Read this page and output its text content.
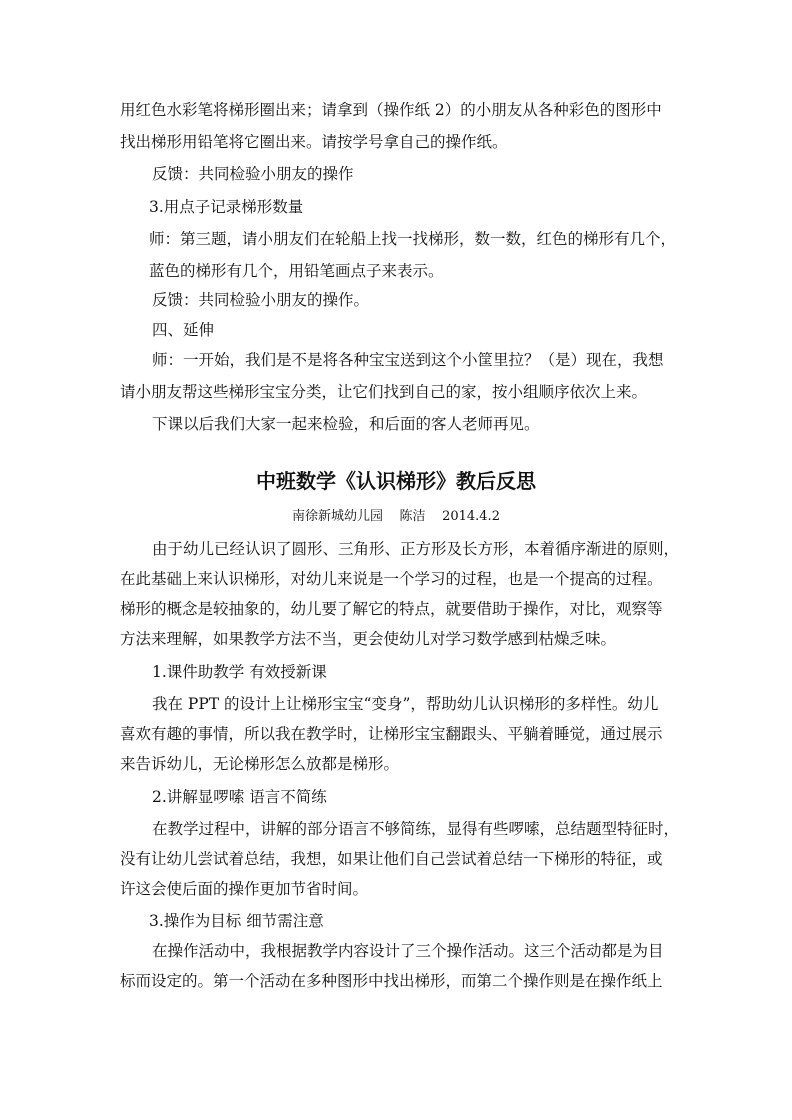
用红色水彩笔将梯形圈出来；请拿到（操作纸 2）的小朋友从各种彩色的图形中
找出梯形用铅笔将它圈出来。请按学号拿自己的操作纸。
反馈：共同检验小朋友的操作
3.用点子记录梯形数量
师：第三题，请小朋友们在轮船上找一找梯形，数一数，红色的梯形有几个，
蓝色的梯形有几个，用铅笔画点子来表示。
反馈：共同检验小朋友的操作。
四、延伸
师：一开始，我们是不是将各种宝宝送到这个小筐里拉？（是）现在，我想
请小朋友帮这些梯形宝宝分类，让它们找到自己的家，按小组顺序依次上来。
下课以后我们大家一起来检验，和后面的客人老师再见。
中班数学《认识梯形》教后反思
南徐新城幼儿园    陈洁    2014.4.2
由于幼儿已经认识了圆形、三角形、正方形及长方形，本着循序渐进的原则，
在此基础上来认识梯形，对幼儿来说是一个学习的过程，也是一个提高的过程。
梯形的概念是较抽象的，幼儿要了解它的特点，就要借助于操作，对比，观察等
方法来理解，如果教学方法不当，更会使幼儿对学习数学感到枯燥乏味。
1.课件助教学 有效授新课
我在 PPT 的设计上让梯形宝宝“变身”，帮助幼儿认识梯形的多样性。幼儿
喜欢有趣的事情，所以我在教学时，让梯形宝宝翻跟头、平躺着睡觉，通过展示
来告诉幼儿，无论梯形怎么放都是梯形。
2.讲解显啰嗦 语言不简练
在教学过程中，讲解的部分语言不够简练，显得有些啰嗦，总结题型特征时，
没有让幼儿尝试着总结，我想，如果让他们自己尝试着总结一下梯形的特征，或
许这会使后面的操作更加节省时间。
3.操作为目标 细节需注意
在操作活动中，我根据教学内容设计了三个操作活动。这三个活动都是为目
标而设定的。第一个活动在多种图形中找出梯形，而第二个操作则是在操作纸上
